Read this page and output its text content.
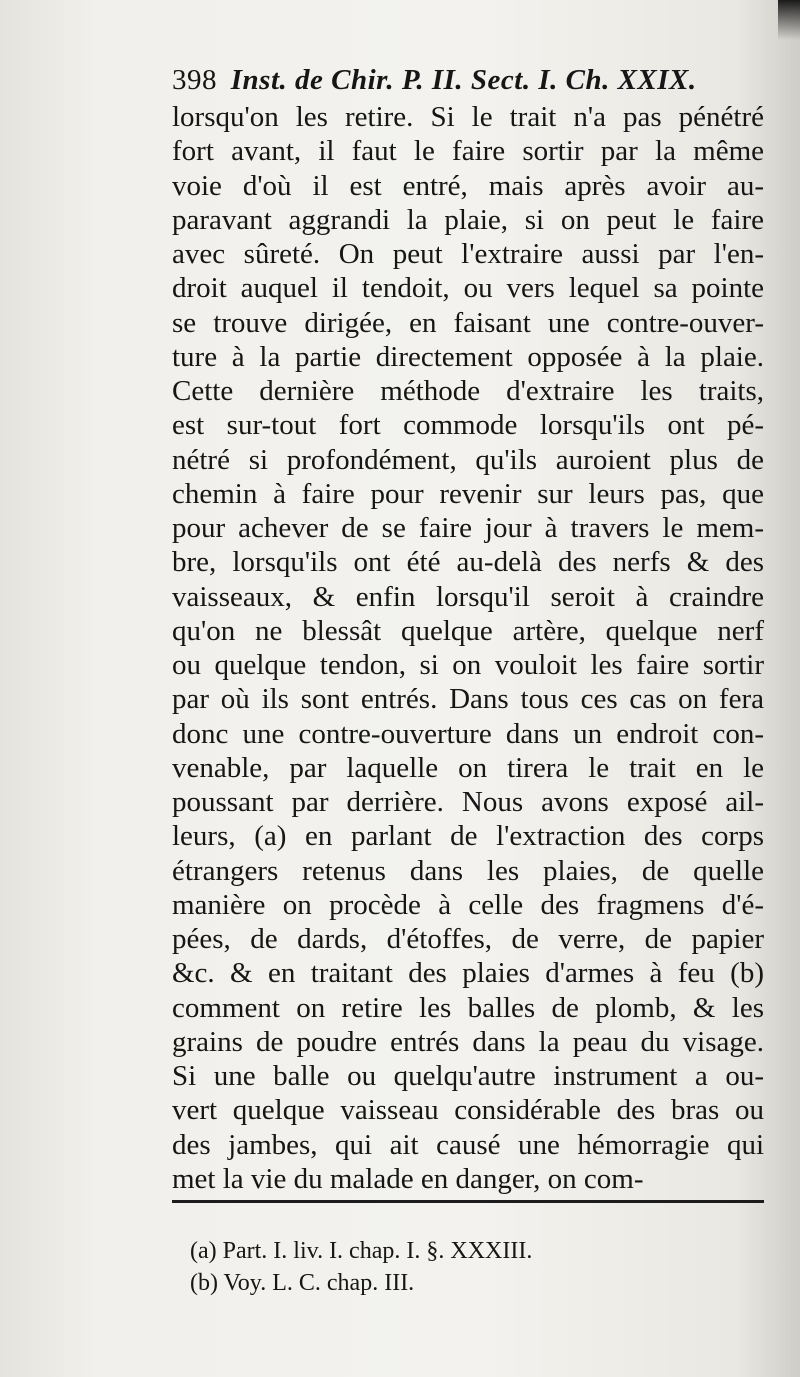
398 Inst. de Chir. P. II. Sect. I. Ch. XXIX.
lorsqu'on les retire. Si le trait n'a pas pénétré
fort avant, il faut le faire sortir par la même
voie d'où il est entré, mais après avoir au-
paravant aggrandi la plaie, si on peut le faire
avec sûreté. On peut l'extraire aussi par l'en-
droit auquel il tendoit, ou vers lequel sa pointe
se trouve dirigée, en faisant une contre-ouver-
ture à la partie directement opposée à la plaie.
Cette dernière méthode d'extraire les traits,
est sur-tout fort commode lorsqu'ils ont pé-
nétré si profondément, qu'ils auroient plus de
chemin à faire pour revenir sur leurs pas, que
pour achever de se faire jour à travers le mem-
bre, lorsqu'ils ont été au-delà des nerfs & des
vaisseaux, & enfin lorsqu'il seroit à craindre
qu'on ne blessât quelque artère, quelque nerf
ou quelque tendon, si on vouloit les faire sortir
par où ils sont entrés. Dans tous ces cas on fera
donc une contre-ouverture dans un endroit con-
venable, par laquelle on tirera le trait en le
poussant par derrière. Nous avons exposé ail-
leurs, (a) en parlant de l'extraction des corps
étrangers retenus dans les plaies, de quelle
manière on procède à celle des fragmens d'é-
pées, de dards, d'étoffes, de verre, de papier
&c. & en traitant des plaies d'armes à feu (b)
comment on retire les balles de plomb, & les
grains de poudre entrés dans la peau du visage.
Si une balle ou quelqu'autre instrument a ou-
vert quelque vaisseau considérable des bras ou
des jambes, qui ait causé une hémorragie qui
met la vie du malade en danger, on com-
(a) Part. I. liv. I. chap. I. §. XXXIII.
(b) Voy. L. C. chap. III.
